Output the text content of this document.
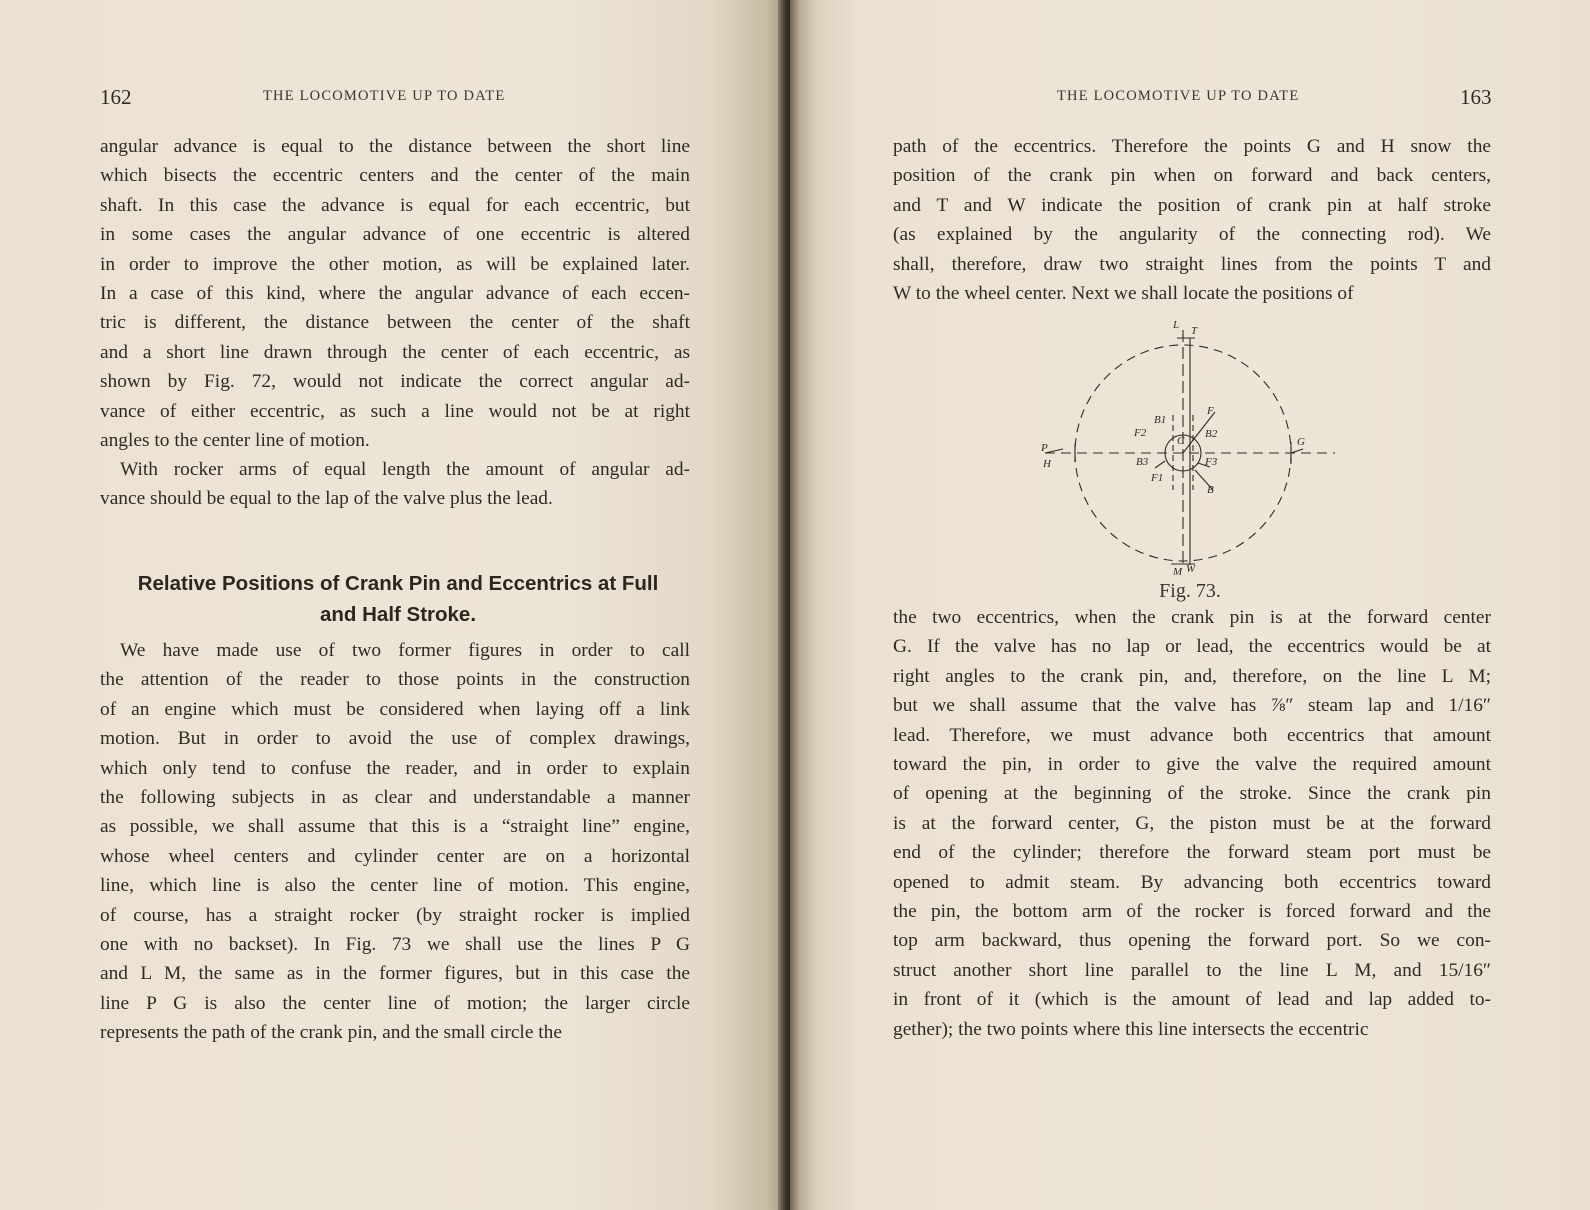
162	THE LOCOMOTIVE UP TO DATE
angular advance is equal to the distance between the short line
which bisects the eccentric centers and the center of the main
shaft. In this case the advance is equal for each eccentric, but
in some cases the angular advance of one eccentric is altered
in order to improve the other motion, as will be explained later.
In a case of this kind, where the angular advance of each eccen-
tric is different, the distance between the center of the shaft
and a short line drawn through the center of each eccentric, as
shown by Fig. 72, would not indicate the correct angular ad-
vance of either eccentric, as such a line would not be at right
angles to the center line of motion.
With rocker arms of equal length the amount of angular ad-
vance should be equal to the lap of the valve plus the lead.
Relative Positions of Crank Pin and Eccentrics at Full
and Half Stroke.
We have made use of two former figures in order to call
the attention of the reader to those points in the construction
of an engine which must be considered when laying off a link
motion. But in order to avoid the use of complex drawings,
which only tend to confuse the reader, and in order to explain
the following subjects in as clear and understandable a manner
as possible, we shall assume that this is a “straight line” engine,
whose wheel centers and cylinder center are on a horizontal
line, which line is also the center line of motion. This engine,
of course, has a straight rocker (by straight rocker is implied
one with no backset). In Fig. 73 we shall use the lines P G
and L M, the same as in the former figures, but in this case the
line P G is also the center line of motion; the larger circle
represents the path of the crank pin, and the small circle the
THE LOCOMOTIVE UP TO DATE	163
path of the eccentrics. Therefore the points G and H snow the
position of the crank pin when on forward and back centers,
and T and W indicate the position of crank pin at half stroke
(as explained by the angularity of the connecting rod). We
shall, therefore, draw two straight lines from the points T and
W to the wheel center. Next we shall locate the positions of
L T
P
H
G
M W
B1
B2
B3
F
F1
F2
F3
C
B
Fig. 73.
the two eccentrics, when the crank pin is at the forward center
G. If the valve has no lap or lead, the eccentrics would be at
right angles to the crank pin, and, therefore, on the line L M;
but we shall assume that the valve has ⅞″ steam lap and 1/16″
lead. Therefore, we must advance both eccentrics that amount
toward the pin, in order to give the valve the required amount
of opening at the beginning of the stroke. Since the crank pin
is at the forward center, G, the piston must be at the forward
end of the cylinder; therefore the forward steam port must be
opened to admit steam. By advancing both eccentrics toward
the pin, the bottom arm of the rocker is forced forward and the
top arm backward, thus opening the forward port. So we con-
struct another short line parallel to the line L M, and 15/16″
in front of it (which is the amount of lead and lap added to-
gether); the two points where this line intersects the eccentric
